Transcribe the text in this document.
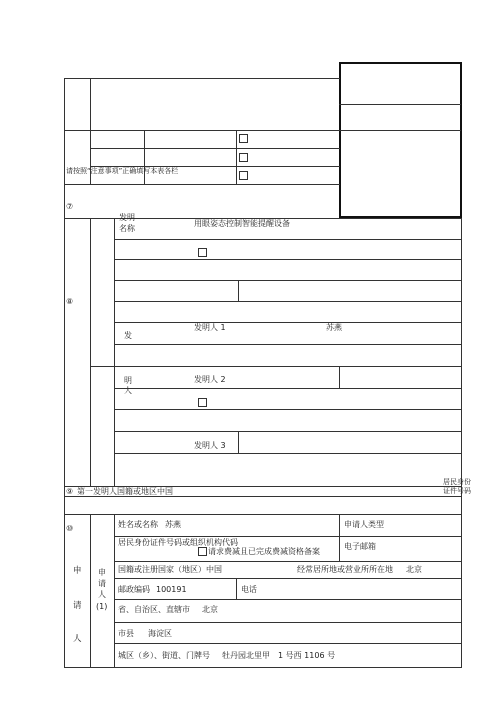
请按照“注意事项”正确填写本表各栏
⑦
⑧
发明
名称
用眼姿态控制智能提醒设备
发明人 1	苏燕
发
明
人
发明人 2
发明人 3
⑨ 第一发明人国籍或地区中国
居民身份
证件号码
⑩
申
请
人
申
请
人
(1)
姓名或名称 苏燕	申请人类型
居民身份证件号码或组织机构代码
请求费减且已完成费减资格备案
电子邮箱
国籍或注册国家（地区）中国	经常居所地或营业所所在地 北京
邮政编码 100191	电话
省、自治区、直辖市 北京
市县 海淀区
城区（乡）、街道、门牌号 牡丹园北里甲 1 号西 1106 号
